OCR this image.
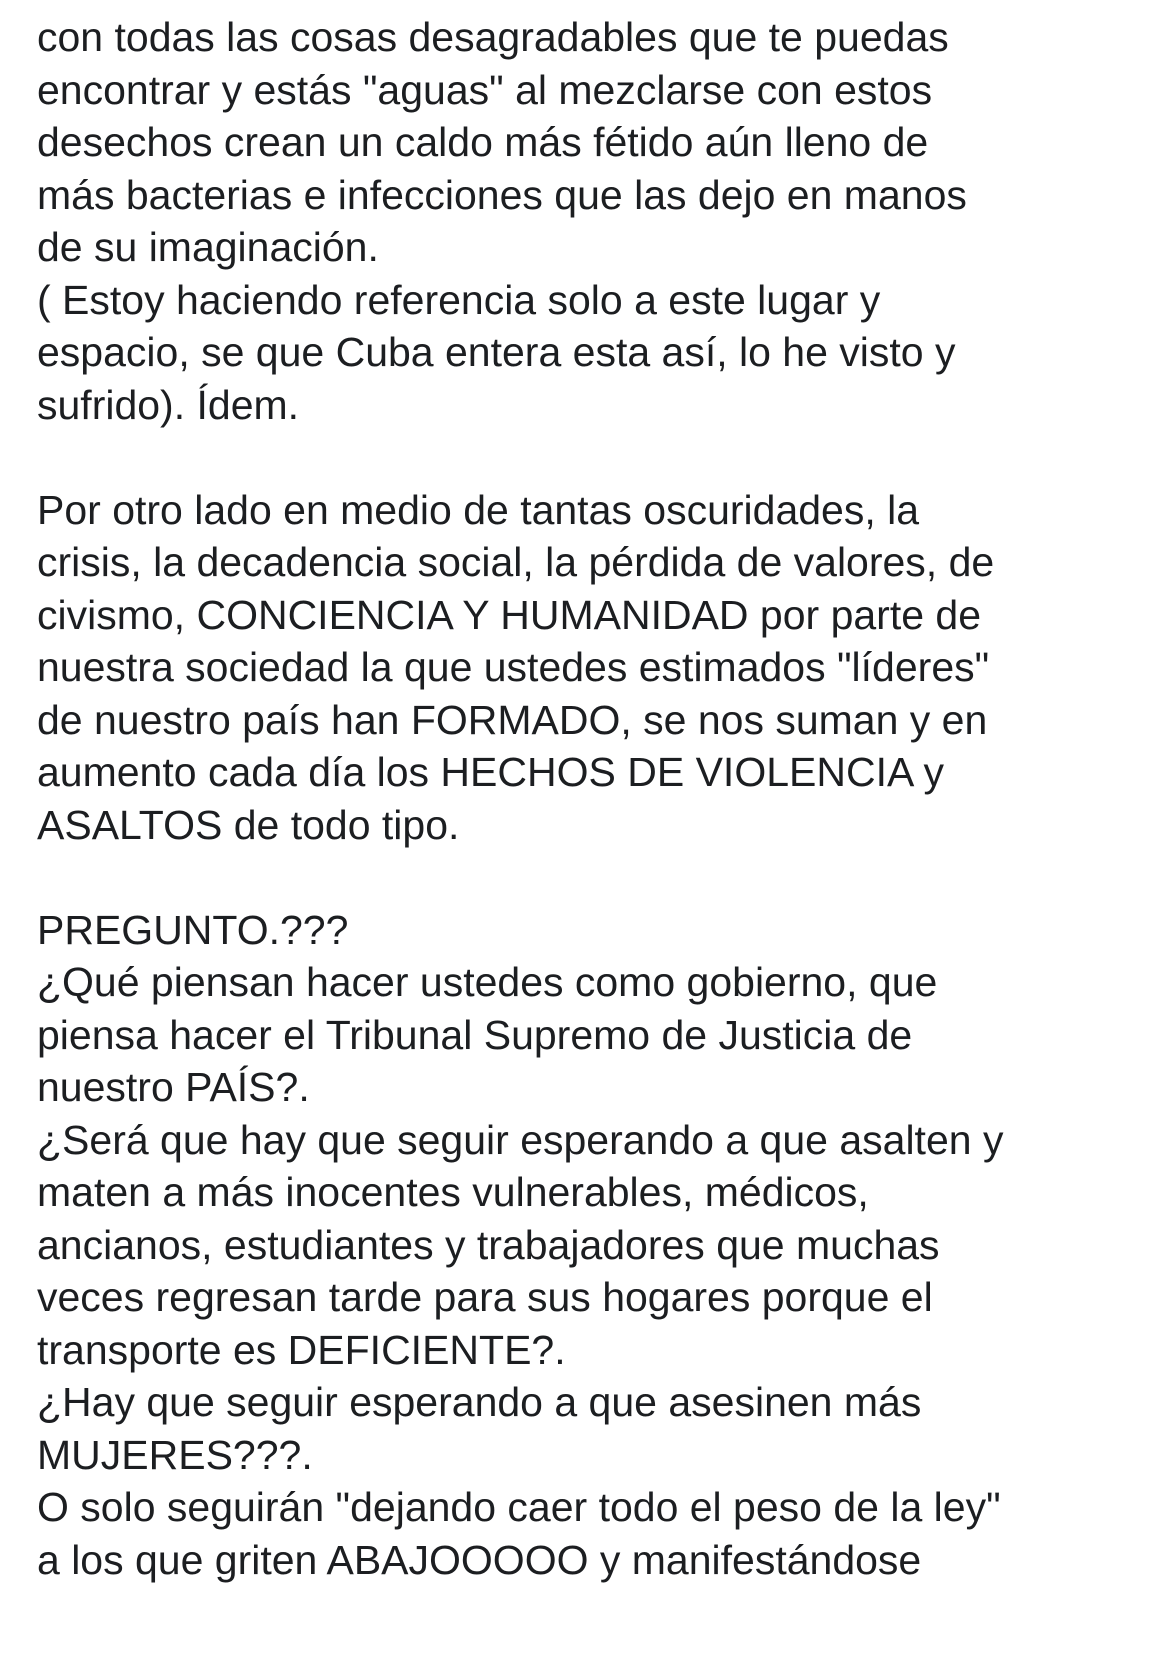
con todas las cosas desagradables que te puedas
encontrar y estás "aguas" al mezclarse con estos
desechos crean un caldo más fétido aún lleno de
más bacterias e infecciones que las dejo en manos
de su imaginación.
( Estoy haciendo referencia solo a este lugar y
espacio, se que Cuba entera esta así, lo he visto y
sufrido). Ídem.
Por otro lado en medio de tantas oscuridades, la
crisis, la decadencia social, la pérdida de valores, de
civismo, CONCIENCIA Y HUMANIDAD por parte de
nuestra sociedad la que ustedes estimados "líderes"
de nuestro país han FORMADO, se nos suman y en
aumento cada día los HECHOS DE VIOLENCIA y
ASALTOS de todo tipo.
PREGUNTO.???
¿Qué piensan hacer ustedes como gobierno, que
piensa hacer el Tribunal Supremo de Justicia de
nuestro PAÍS?.
¿Será que hay que seguir esperando a que asalten y
maten a más inocentes vulnerables, médicos,
ancianos, estudiantes y trabajadores que muchas
veces regresan tarde para sus hogares porque el
transporte es DEFICIENTE?.
¿Hay que seguir esperando a que asesinen más
MUJERES???.
O solo seguirán "dejando caer todo el peso de la ley"
a los que griten ABAJOOOOO y manifestándose
